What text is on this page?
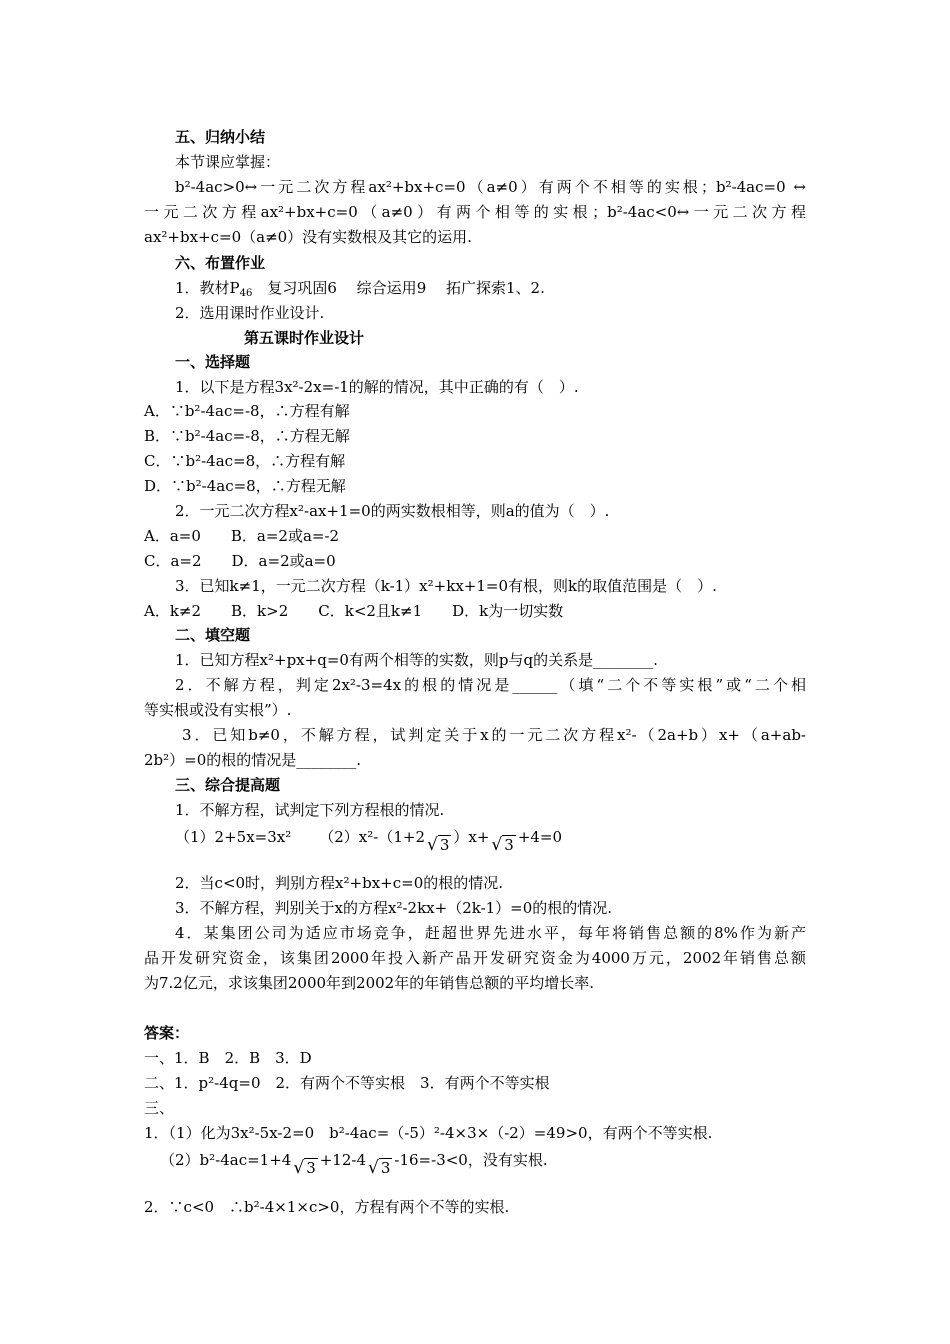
五、归纳小结
本节课应掌握：
b²-4ac>0↔一元二次方程ax²+bx+c=0（a≠0）有两个不相等的实根；b²-4ac=0 ↔
一元二次方程ax²+bx+c=0（a≠0）有两个相等的实根；b²-4ac<0↔一元二次方程
ax²+bx+c=0（a≠0）没有实数根及其它的运用.
六、布置作业
1．教材$P_{46}$　复习巩固6　 综合运用9　 拓广探索1、2.
2．选用课时作业设计.
第五课时作业设计
一、选择题
1．以下是方程3x²-2x=-1的解的情况，其中正确的有（　）.
A．∵b²-4ac=-8，∴方程有解
B．∵b²-4ac=-8，∴方程无解
C．∵b²-4ac=8，∴方程有解
D．∵b²-4ac=8，∴方程无解
2．一元二次方程x²-ax+1=0的两实数根相等，则a的值为（　）.
A．a=0　　B．a=2或a=-2
C．a=2　　D．a=2或a=0
3．已知k≠1，一元二次方程（k-1）x²+kx+1=0有根，则k的取值范围是（　）.
A．k≠2　　B．k>2　　C．k<2且k≠1　　D．k为一切实数
二、填空题
1．已知方程x²+px+q=0有两个相等的实数，则p与q的关系是________.
2．不解方程，判定2x²-3=4x的根的情况是______（填“二个不等实根”或“二个相
等实根或没有实根”）.
3．已知b≠0，不解方程，试判定关于x的一元二次方程x²-（2a+b）x+（a+ab-
2b²）=0的根的情况是________.
三、综合提高题
1．不解方程，试判定下列方程根的情况.
（1）2+5x=3x² （2）x²-（1+2 √ 3 ）x+ √ 3 +4=0
2．当c<0时，判别方程x²+bx+c=0的根的情况.
3．不解方程，判别关于x的方程x²-2kx+（2k-1）=0的根的情况.
4．某集团公司为适应市场竞争，赶超世界先进水平，每年将销售总额的8%作为新产
品开发研究资金，该集团2000年投入新产品开发研究资金为4000万元，2002年销售总额
为7.2亿元，求该集团2000年到2002年的年销售总额的平均增长率.
答案：
一、1．B　2．B　3．D
二、1．p²-4q=0　2．有两个不等实根　3．有两个不等实根
三、
1．（1）化为3x²-5x-2=0　b²-4ac=（-5）²-4×3×（-2）=49>0，有两个不等实根.
（2）b²-4ac=1+4 √ 3 +12-4 √ 3 -16=-3<0，没有实根.
2．∵c<0　∴b²-4×1×c>0，方程有两个不等的实根.
